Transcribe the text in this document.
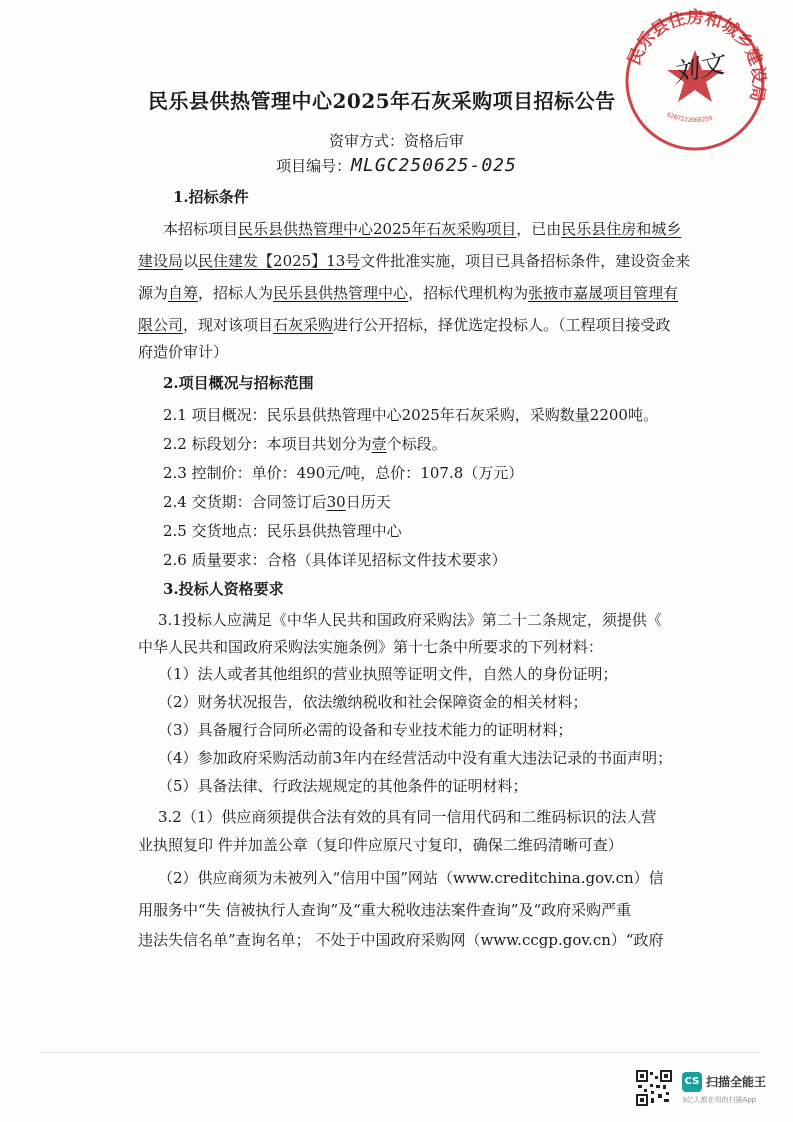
民乐县住房和城乡建设局
6207222060259
刘文
民乐县供热管理中心2025年石灰采购项目招标公告
资审方式：资格后审
项目编号：MLGC250625-025
1.招标条件
本招标项目民乐县供热管理中心2025年石灰采购项目，已由民乐县住房和城乡
建设局以民住建发【2025】13号文件批准实施，项目已具备招标条件，建设资金来
源为自筹，招标人为民乐县供热管理中心，招标代理机构为张掖市嘉晟项目管理有
限公司，现对该项目石灰采购进行公开招标，择优选定投标人。（工程项目接受政
府造价审计）
2.项目概况与招标范围
2.1 项目概况：民乐县供热管理中心2025年石灰采购，采购数量2200吨。
2.2 标段划分：本项目共划分为壹个标段。
2.3 控制价：单价：490元/吨，总价：107.8（万元）
2.4 交货期：合同签订后30日历天
2.5 交货地点：民乐县供热管理中心
2.6 质量要求：合格（具体详见招标文件技术要求）
3.投标人资格要求
3.1投标人应满足《中华人民共和国政府采购法》第二十二条规定，须提供《
中华人民共和国政府采购法实施条例》第十七条中所要求的下列材料：
（1）法人或者其他组织的营业执照等证明文件，自然人的身份证明；
（2）财务状况报告，依法缴纳税收和社会保障资金的相关材料；
（3）具备履行合同所必需的设备和专业技术能力的证明材料；
（4）参加政府采购活动前3年内在经营活动中没有重大违法记录的书面声明；
（5）具备法律、行政法规规定的其他条件的证明材料；
3.2（1）供应商须提供合法有效的具有同一信用代码和二维码标识的法人营
业执照复印 件并加盖公章（复印件应原尺寸复印，确保二维码清晰可查）
（2）供应商须为未被列入“信用中国”网站（www.creditchina.gov.cn）信
用服务中“失 信被执行人查询”及“重大税收违法案件查询”及“政府采购严重
违法失信名单”查询名单； 不处于中国政府采购网（www.ccgp.gov.cn）“政府
CS 扫描全能王
3亿人都在用的扫描App
